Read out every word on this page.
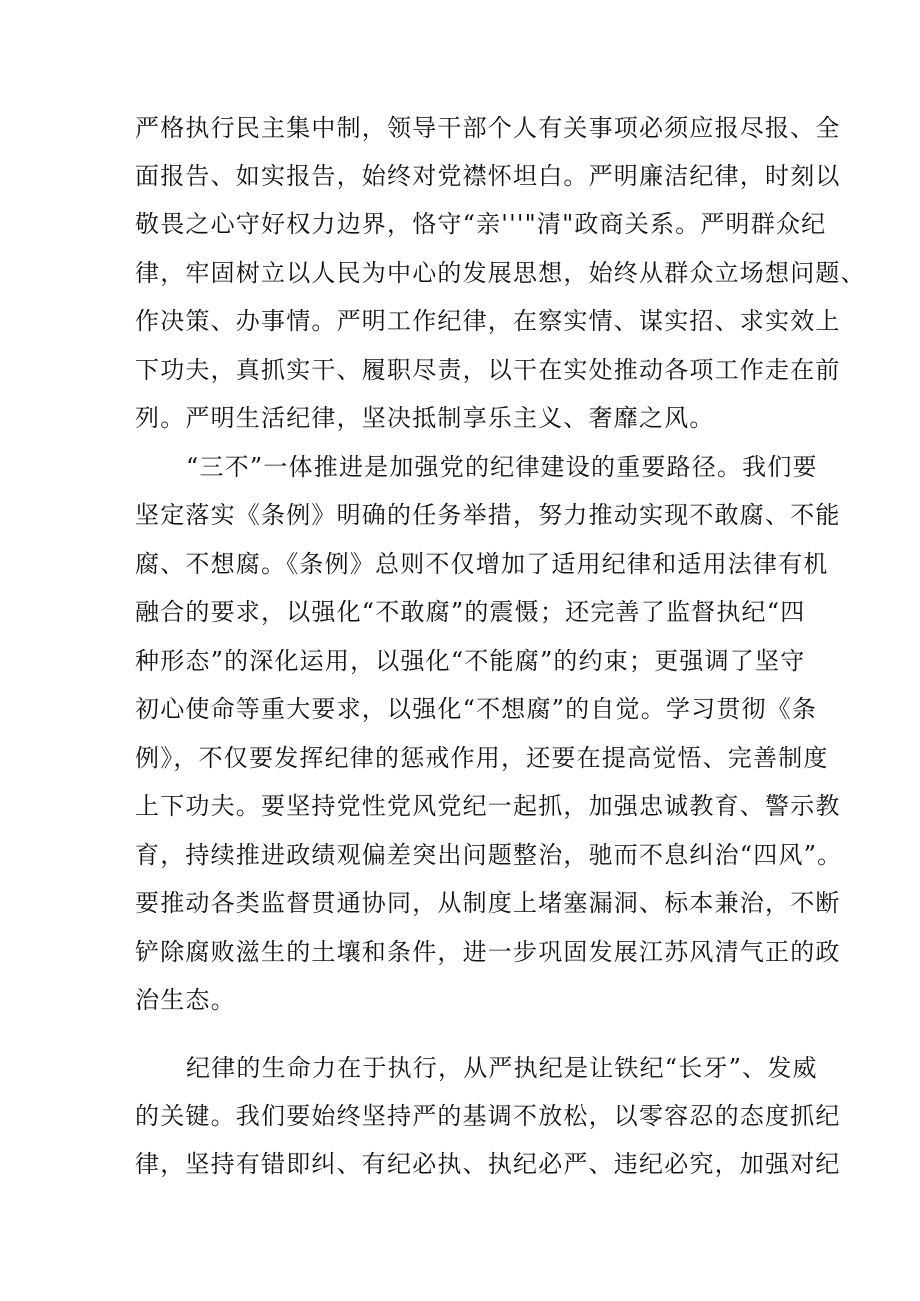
严格执行民主集中制，领导干部个人有关事项必须应报尽报、全
面报告、如实报告，始终对党襟怀坦白。严明廉洁纪律，时刻以
敬畏之心守好权力边界，恪守“亲'''"清"政商关系。严明群众纪
律，牢固树立以人民为中心的发展思想，始终从群众立场想问题、
作决策、办事情。严明工作纪律，在察实情、谋实招、求实效上
下功夫，真抓实干、履职尽责，以干在实处推动各项工作走在前
列。严明生活纪律，坚决抵制享乐主义、奢靡之风。
“三不”一体推进是加强党的纪律建设的重要路径。我们要
坚定落实《条例》明确的任务举措，努力推动实现不敢腐、不能
腐、不想腐。《条例》总则不仅增加了适用纪律和适用法律有机
融合的要求，以强化“不敢腐”的震慑；还完善了监督执纪“四
种形态”的深化运用，以强化“不能腐”的约束；更强调了坚守
初心使命等重大要求，以强化“不想腐”的自觉。学习贯彻《条
例》，不仅要发挥纪律的惩戒作用，还要在提高觉悟、完善制度
上下功夫。要坚持党性党风党纪一起抓，加强忠诚教育、警示教
育，持续推进政绩观偏差突出问题整治，驰而不息纠治“四风”。
要推动各类监督贯通协同，从制度上堵塞漏洞、标本兼治，不断
铲除腐败滋生的土壤和条件，进一步巩固发展江苏风清气正的政
治生态。
纪律的生命力在于执行，从严执纪是让铁纪“长牙”、发威
的关键。我们要始终坚持严的基调不放松，以零容忍的态度抓纪
律，坚持有错即纠、有纪必执、执纪必严、违纪必究，加强对纪
